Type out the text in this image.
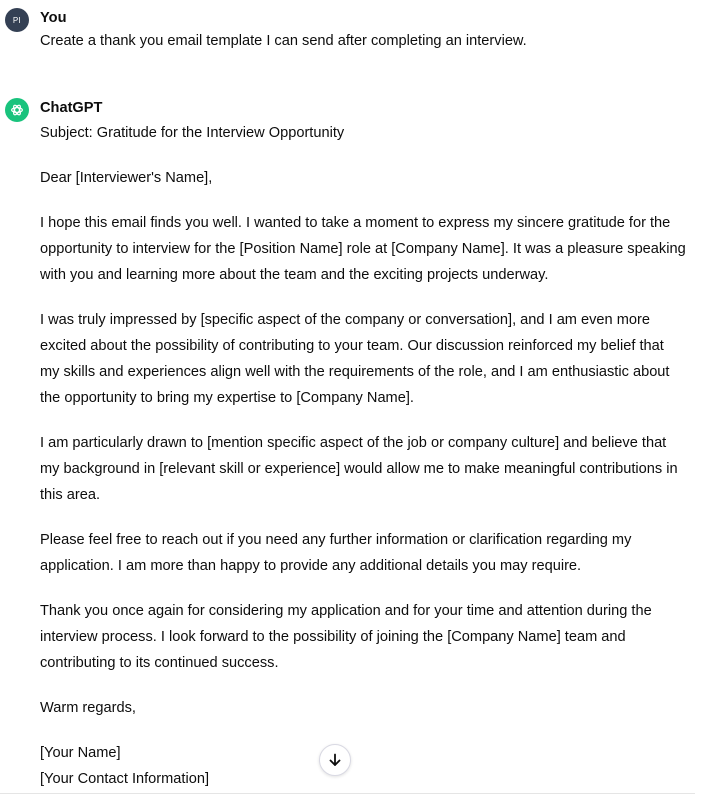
PI You
Create a thank you email template I can send after completing an interview.
ChatGPT

Subject: Gratitude for the Interview Opportunity

Dear [Interviewer's Name],

I hope this email finds you well. I wanted to take a moment to express my sincere gratitude for the opportunity to interview for the [Position Name] role at [Company Name]. It was a pleasure speaking with you and learning more about the team and the exciting projects underway.

I was truly impressed by [specific aspect of the company or conversation], and I am even more excited about the possibility of contributing to your team. Our discussion reinforced my belief that my skills and experiences align well with the requirements of the role, and I am enthusiastic about the opportunity to bring my expertise to [Company Name].

I am particularly drawn to [mention specific aspect of the job or company culture] and believe that my background in [relevant skill or experience] would allow me to make meaningful contributions in this area.

Please feel free to reach out if you need any further information or clarification regarding my application. I am more than happy to provide any additional details you may require.

Thank you once again for considering my application and for your time and attention during the interview process. I look forward to the possibility of joining the [Company Name] team and contributing to its continued success.

Warm regards,

[Your Name]

[Your Contact Information]
